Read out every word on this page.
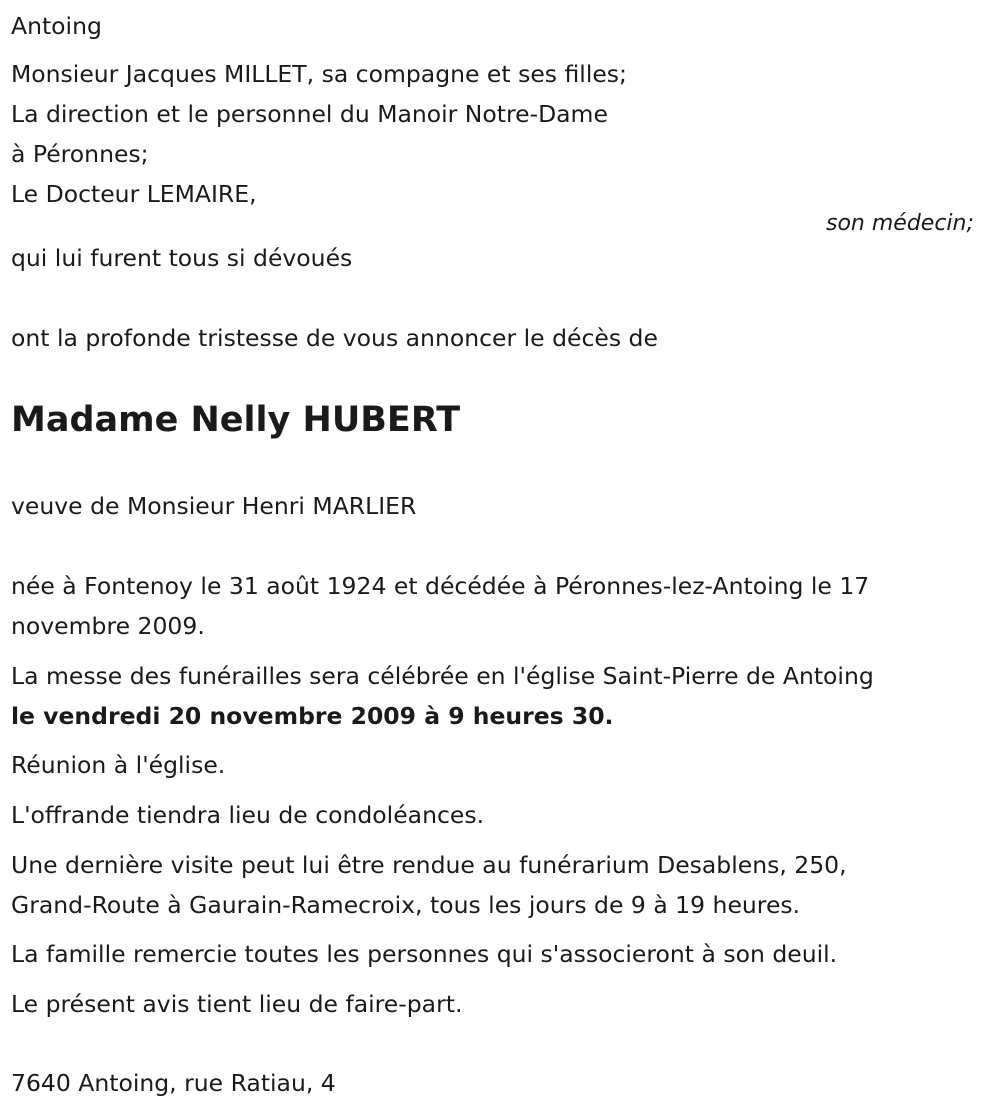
Antoing
Monsieur Jacques MILLET, sa compagne et ses filles;
La direction et le personnel du Manoir Notre-Dame
à Péronnes;
Le Docteur LEMAIRE,
son médecin;
qui lui furent tous si dévoués
ont la profonde tristesse de vous annoncer le décès de
Madame Nelly HUBERT
veuve de Monsieur Henri MARLIER
née à Fontenoy le 31 août 1924 et décédée à Péronnes-lez-Antoing le 17
novembre 2009.
La messe des funérailles sera célébrée en l'église Saint-Pierre de Antoing
le vendredi 20 novembre 2009 à 9 heures 30.
Réunion à l'église.
L'offrande tiendra lieu de condoléances.
Une dernière visite peut lui être rendue au funérarium Desablens, 250,
Grand-Route à Gaurain-Ramecroix, tous les jours de 9 à 19 heures.
La famille remercie toutes les personnes qui s'associeront à son deuil.
Le présent avis tient lieu de faire-part.
7640 Antoing, rue Ratiau, 4
